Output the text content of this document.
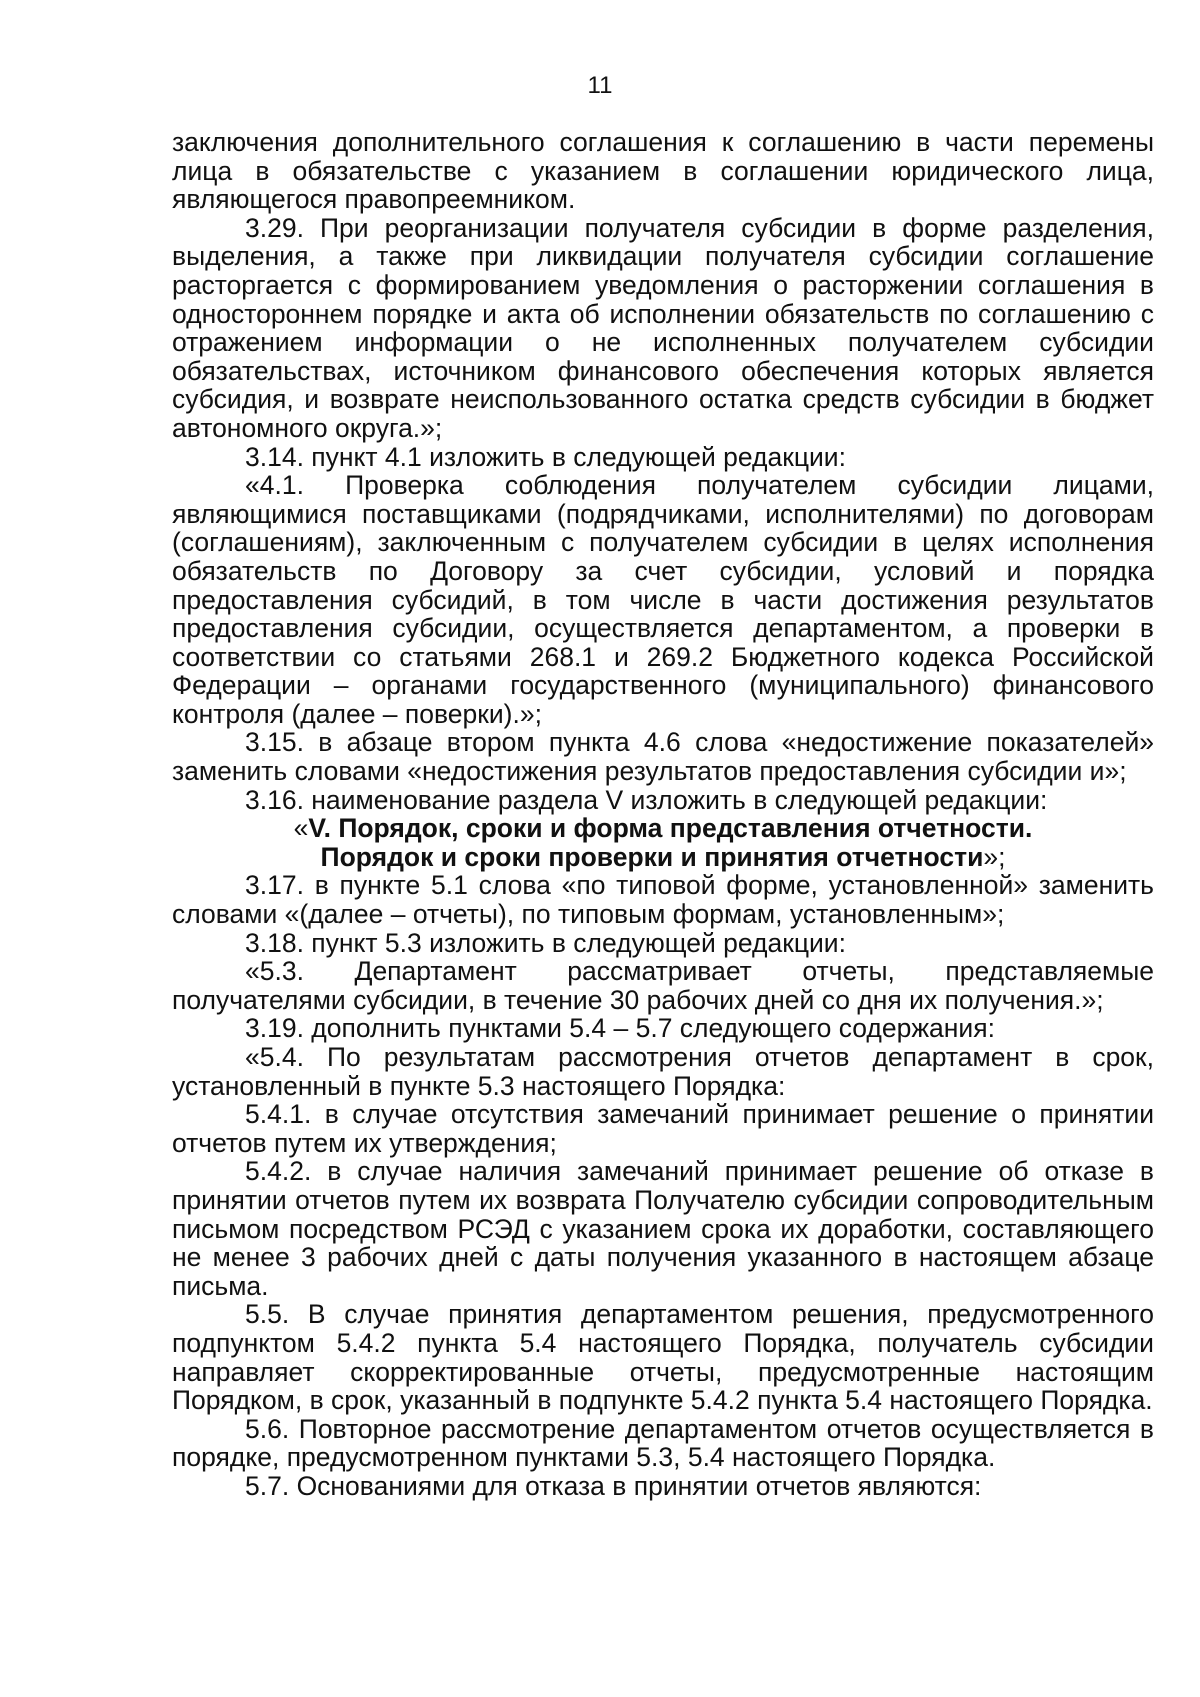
11

заключения дополнительного соглашения к соглашению в части перемены лица в обязательстве с указанием в соглашении юридического лица, являющегося правопреемником.

3.29. При реорганизации получателя субсидии в форме разделения, выделения, а также при ликвидации получателя субсидии соглашение расторгается с формированием уведомления о расторжении соглашения в одностороннем порядке и акта об исполнении обязательств по соглашению с отражением информации о не исполненных получателем субсидии обязательствах, источником финансового обеспечения которых является субсидия, и возврате неиспользованного остатка средств субсидии в бюджет автономного округа.»;

3.14. пункт 4.1 изложить в следующей редакции:

«4.1. Проверка соблюдения получателем субсидии лицами, являющимися поставщиками (подрядчиками, исполнителями) по договорам (соглашениям), заключенным с получателем субсидии в целях исполнения обязательств по Договору за счет субсидии, условий и порядка предоставления субсидий, в том числе в части достижения результатов предоставления субсидии, осуществляется департаментом, а проверки в соответствии со статьями 268.1 и 269.2 Бюджетного кодекса Российской Федерации – органами государственного (муниципального) финансового контроля (далее – поверки).»;

3.15. в абзаце втором пункта 4.6 слова «недостижение показателей» заменить словами «недостижения результатов предоставления субсидии и»;

3.16. наименование раздела V изложить в следующей редакции:

«V. Порядок, сроки и форма представления отчетности.
Порядок и сроки проверки и принятия отчетности»;

3.17. в пункте 5.1 слова «по типовой форме, установленной» заменить словами «(далее – отчеты), по типовым формам, установленным»;

3.18. пункт 5.3 изложить в следующей редакции:

«5.3. Департамент рассматривает отчеты, представляемые получателями субсидии, в течение 30 рабочих дней со дня их получения.»;

3.19. дополнить пунктами 5.4 – 5.7 следующего содержания:

«5.4. По результатам рассмотрения отчетов департамент в срок, установленный в пункте 5.3 настоящего Порядка:

5.4.1. в случае отсутствия замечаний принимает решение о принятии отчетов путем их утверждения;

5.4.2. в случае наличия замечаний принимает решение об отказе в принятии отчетов путем их возврата Получателю субсидии сопроводительным письмом посредством РСЭД с указанием срока их доработки, составляющего не менее 3 рабочих дней с даты получения указанного в настоящем абзаце письма.

5.5. В случае принятия департаментом решения, предусмотренного подпунктом 5.4.2 пункта 5.4 настоящего Порядка, получатель субсидии направляет скорректированные отчеты, предусмотренные настоящим Порядком, в срок, указанный в подпункте 5.4.2 пункта 5.4 настоящего Порядка.

5.6. Повторное рассмотрение департаментом отчетов осуществляется в порядке, предусмотренном пунктами 5.3, 5.4 настоящего Порядка.

5.7. Основаниями для отказа в принятии отчетов являются:
